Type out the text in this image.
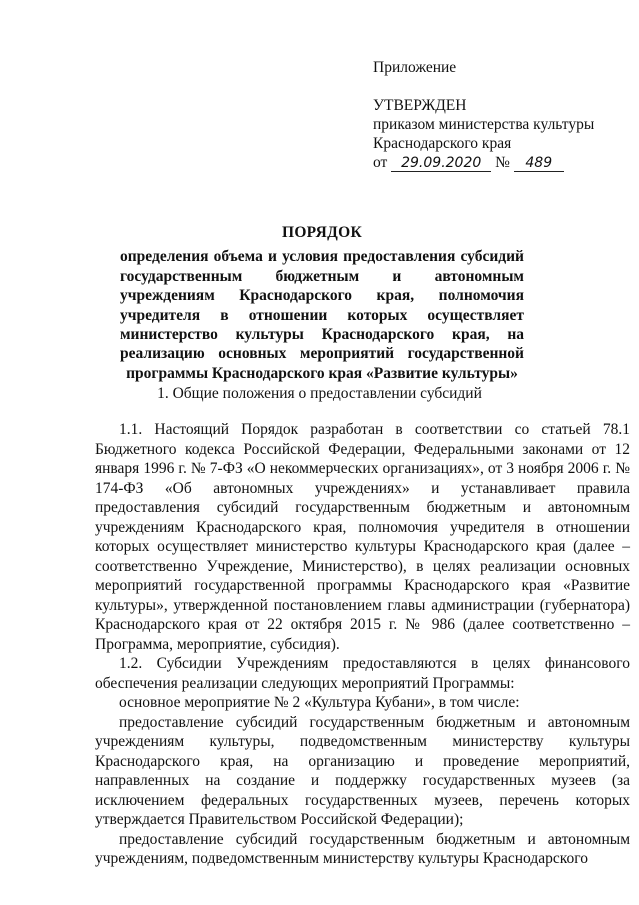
Приложение
УТВЕРЖДЕН
приказом министерства культуры
Краснодарского края
от 29.09.2020 № 489
ПОРЯДОК
определения объема и условия предоставления субсидий государственным бюджетным и автономным учреждениям Краснодарского края, полномочия учредителя в отношении которых осуществляет министерство культуры Краснодарского края, на реализацию основных мероприятий государственной программы Краснодарского края «Развитие культуры»
1. Общие положения о предоставлении субсидий

1.1. Настоящий Порядок разработан в соответствии со статьей 78.1 Бюджетного кодекса Российской Федерации, Федеральными законами от 12 января 1996 г. № 7-ФЗ «О некоммерческих организациях», от 3 ноября 2006 г. № 174-ФЗ «Об автономных учреждениях» и устанавливает правила предоставления субсидий государственным бюджетным и автономным учреждениям Краснодарского края, полномочия учредителя в отношении которых осуществляет министерство культуры Краснодарского края (далее – соответственно Учреждение, Министерство), в целях реализации основных мероприятий государственной программы Краснодарского края «Развитие культуры», утвержденной постановлением главы администрации (губернатора) Краснодарского края от 22 октября 2015 г. № 986 (далее соответственно – Программа, мероприятие, субсидия).

1.2. Субсидии Учреждениям предоставляются в целях финансового обеспечения реализации следующих мероприятий Программы:

основное мероприятие № 2 «Культура Кубани», в том числе:

предоставление субсидий государственным бюджетным и автономным учреждениям культуры, подведомственным министерству культуры Краснодарского края, на организацию и проведение мероприятий, направленных на создание и поддержку государственных музеев (за исключением федеральных государственных музеев, перечень которых утверждается Правительством Российской Федерации);

предоставление субсидий государственным бюджетным и автономным учреждениям, подведомственным министерству культуры Краснодарского
